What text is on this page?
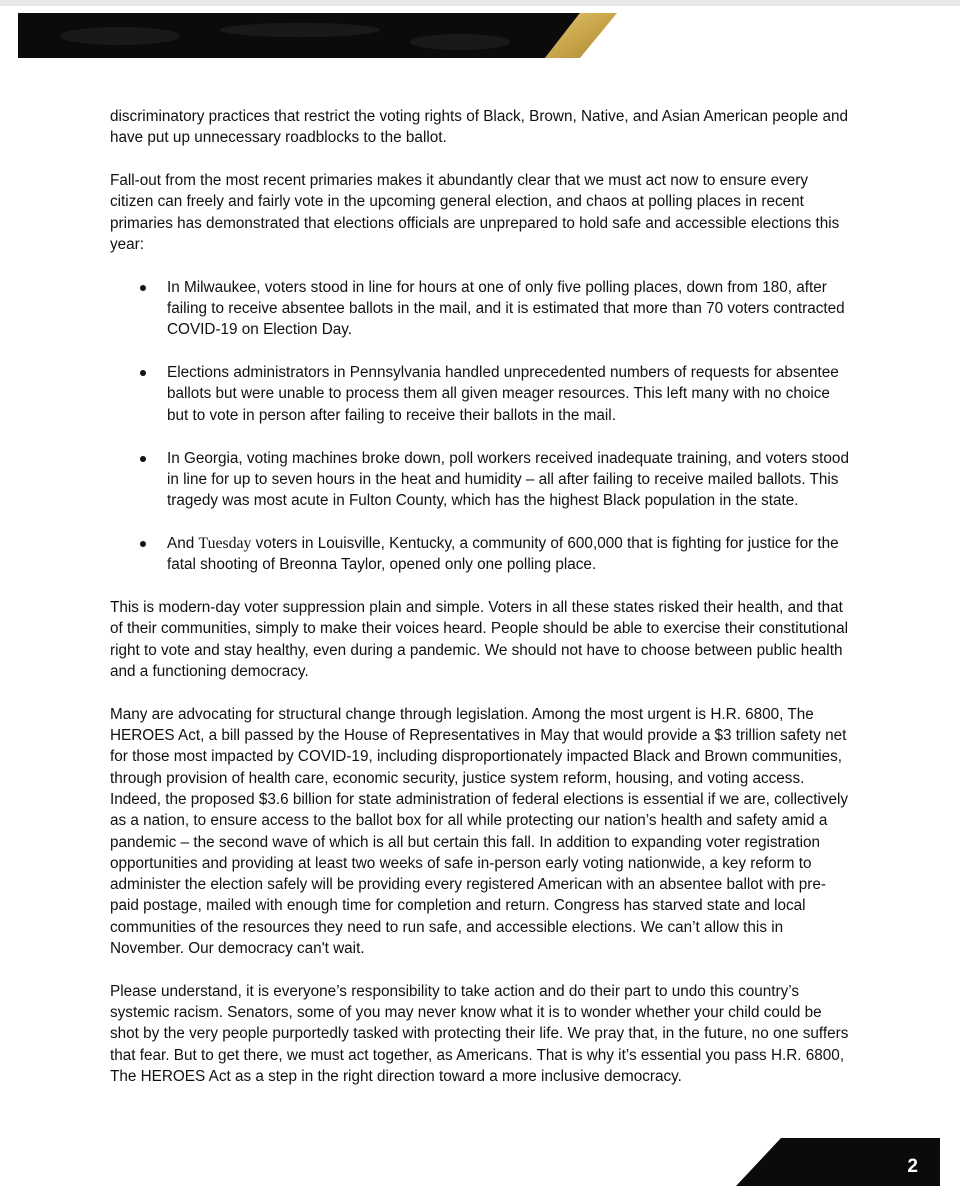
discriminatory practices that restrict the voting rights of Black, Brown, Native, and Asian American people and have put up unnecessary roadblocks to the ballot.

Fall-out from the most recent primaries makes it abundantly clear that we must act now to ensure every citizen can freely and fairly vote in the upcoming general election, and chaos at polling places in recent primaries has demonstrated that elections officials are unprepared to hold safe and accessible elections this year:

In Milwaukee, voters stood in line for hours at one of only five polling places, down from 180, after failing to receive absentee ballots in the mail, and it is estimated that more than 70 voters contracted COVID-19 on Election Day.
Elections administrators in Pennsylvania handled unprecedented numbers of requests for absentee ballots but were unable to process them all given meager resources. This left many with no choice but to vote in person after failing to receive their ballots in the mail.
In Georgia, voting machines broke down, poll workers received inadequate training, and voters stood in line for up to seven hours in the heat and humidity – all after failing to receive mailed ballots. This tragedy was most acute in Fulton County, which has the highest Black population in the state.
And Tuesday voters in Louisville, Kentucky, a community of 600,000 that is fighting for justice for the fatal shooting of Breonna Taylor, opened only one polling place.

This is modern-day voter suppression plain and simple. Voters in all these states risked their health, and that of their communities, simply to make their voices heard. People should be able to exercise their constitutional right to vote and stay healthy, even during a pandemic. We should not have to choose between public health and a functioning democracy.

Many are advocating for structural change through legislation. Among the most urgent is H.R. 6800, The HEROES Act, a bill passed by the House of Representatives in May that would provide a $3 trillion safety net for those most impacted by COVID-19, including disproportionately impacted Black and Brown communities, through provision of health care, economic security, justice system reform, housing, and voting access. Indeed, the proposed $3.6 billion for state administration of federal elections is essential if we are, collectively as a nation, to ensure access to the ballot box for all while protecting our nation’s health and safety amid a pandemic – the second wave of which is all but certain this fall. In addition to expanding voter registration opportunities and providing at least two weeks of safe in-person early voting nationwide, a key reform to administer the election safely will be providing every registered American with an absentee ballot with pre-paid postage, mailed with enough time for completion and return. Congress has starved state and local communities of the resources they need to run safe, and accessible elections. We can’t allow this in November. Our democracy can't wait.

Please understand, it is everyone’s responsibility to take action and do their part to undo this country’s systemic racism. Senators, some of you may never know what it is to wonder whether your child could be shot by the very people purportedly tasked with protecting their life. We pray that, in the future, no one suffers that fear. But to get there, we must act together, as Americans. That is why it’s essential you pass H.R. 6800, The HEROES Act as a step in the right direction toward a more inclusive democracy.

2
